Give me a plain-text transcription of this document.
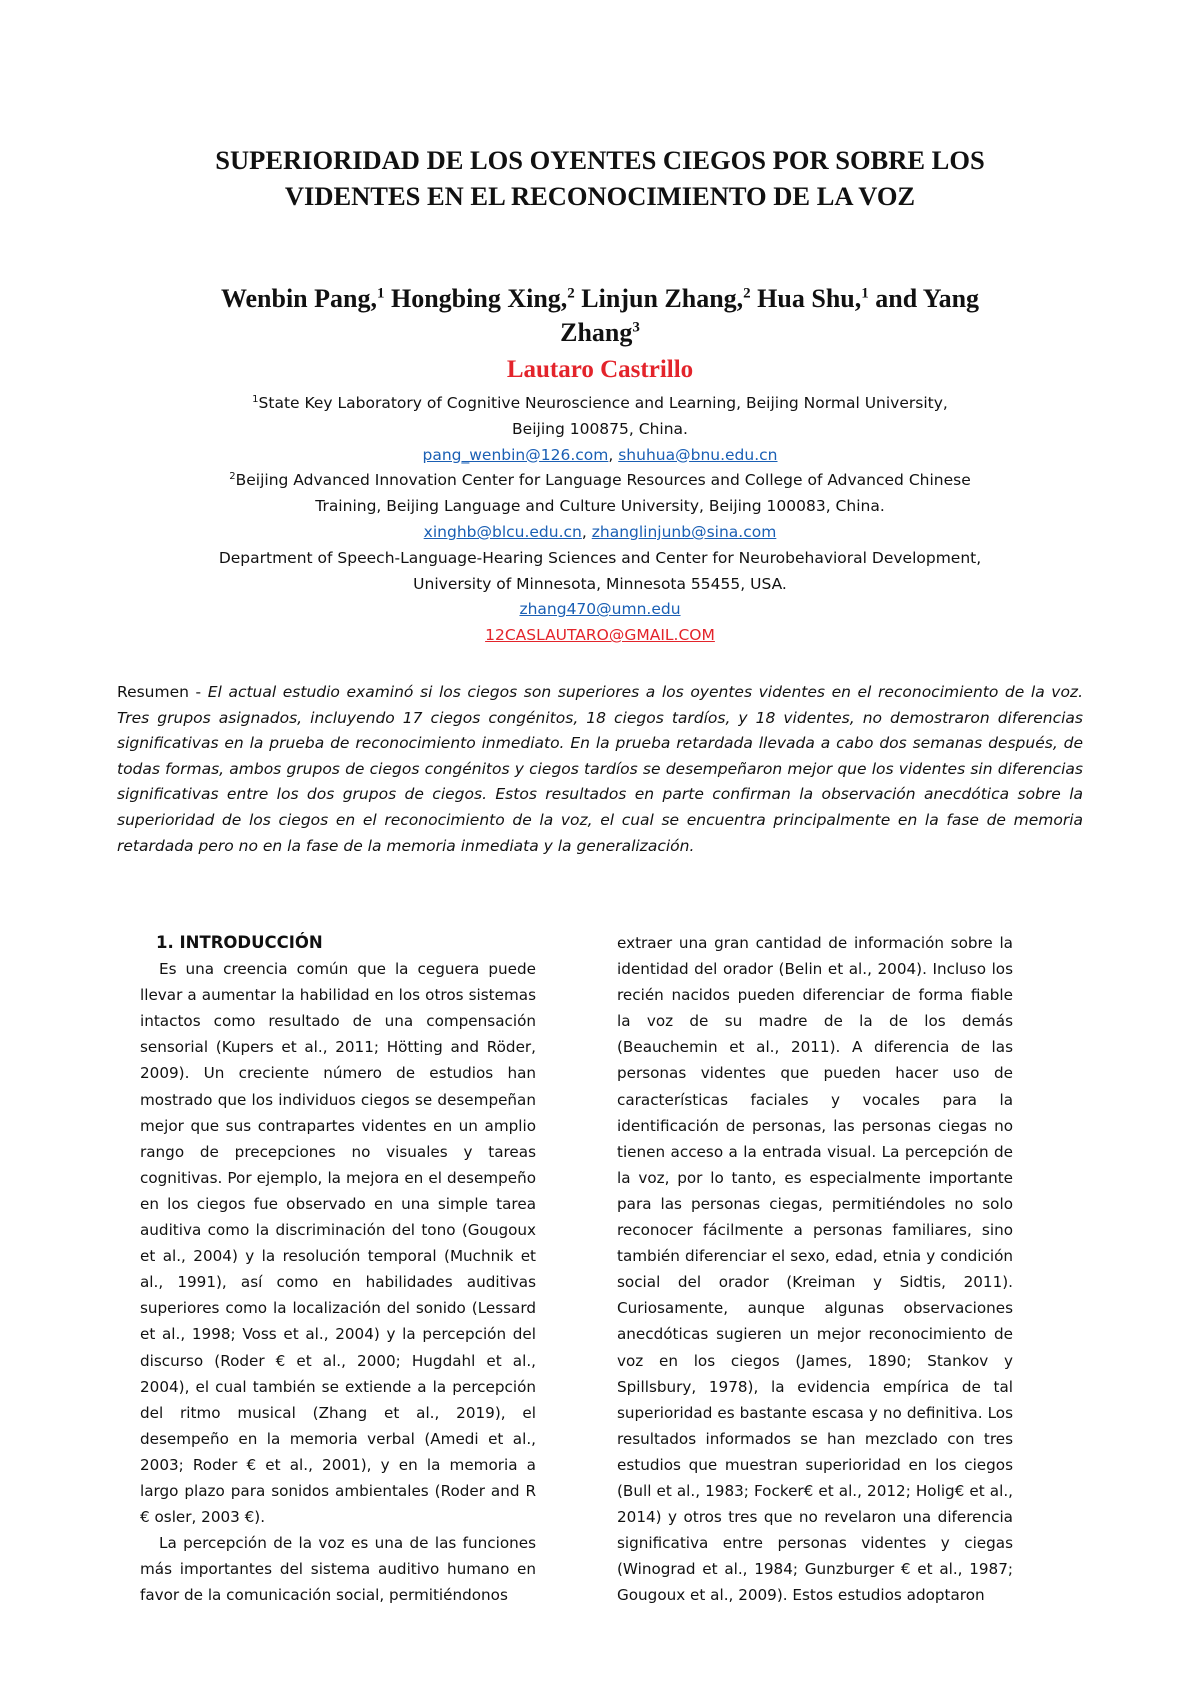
SUPERIORIDAD DE LOS OYENTES CIEGOS POR SOBRE LOS
VIDENTES EN EL RECONOCIMIENTO DE LA VOZ
Wenbin Pang,$^1$ Hongbing Xing,$^2$ Linjun Zhang,$^2$ Hua Shu,$^1$ and Yang
Zhang$^3$
Lautaro Castrillo
$^1$State Key Laboratory of Cognitive Neuroscience and Learning, Beijing Normal University,
Beijing 100875, China.
pang_wenbin@126.com, shuhua@bnu.edu.cn
$^2$Beijing Advanced Innovation Center for Language Resources and College of Advanced Chinese
Training, Beijing Language and Culture University, Beijing 100083, China.
xinghb@blcu.edu.cn, zhanglinjunb@sina.com
Department of Speech-Language-Hearing Sciences and Center for Neurobehavioral Development,
University of Minnesota, Minnesota 55455, USA.
zhang470@umn.edu
12CASLAUTARO@GMAIL.COM
Resumen - El actual estudio examinó si los ciegos son superiores a los oyentes videntes en el reconocimiento de la voz. Tres grupos asignados, incluyendo 17 ciegos congénitos, 18 ciegos tardíos, y 18 videntes, no demostraron diferencias significativas en la prueba de reconocimiento inmediato. En la prueba retardada llevada a cabo dos semanas después, de todas formas, ambos grupos de ciegos congénitos y ciegos tardíos se desempeñaron mejor que los videntes sin diferencias significativas entre los dos grupos de ciegos. Estos resultados en parte confirman la observación anecdótica sobre la superioridad de los ciegos en el reconocimiento de la voz, el cual se encuentra principalmente en la fase de memoria retardada pero no en la fase de la memoria inmediata y la generalización.
1. INTRODUCCIÓN

Es una creencia común que la ceguera puede llevar a aumentar la habilidad en los otros sistemas intactos como resultado de una compensación sensorial (Kupers et al., 2011; Hötting and Röder, 2009). Un creciente número de estudios han mostrado que los individuos ciegos se desempeñan mejor que sus contrapartes videntes en un amplio rango de precepciones no visuales y tareas cognitivas. Por ejemplo, la mejora en el desempeño en los ciegos fue observado en una simple tarea auditiva como la discriminación del tono (Gougoux et al., 2004) y la resolución temporal (Muchnik et al., 1991), así como en habilidades auditivas superiores como la localización del sonido (Lessard et al., 1998; Voss et al., 2004) y la percepción del discurso (Roder € et al., 2000; Hugdahl et al., 2004), el cual también se extiende a la percepción del ritmo musical (Zhang et al., 2019), el desempeño en la memoria verbal (Amedi et al., 2003; Roder € et al., 2001), y en la memoria a largo plazo para sonidos ambientales (Roder and R € osler, 2003 €).

La percepción de la voz es una de las funciones más importantes del sistema auditivo humano en favor de la comunicación social, permitiéndonos

extraer una gran cantidad de información sobre la identidad del orador (Belin et al., 2004). Incluso los recién nacidos pueden diferenciar de forma fiable la voz de su madre de la de los demás (Beauchemin et al., 2011). A diferencia de las personas videntes que pueden hacer uso de características faciales y vocales para la identificación de personas, las personas ciegas no tienen acceso a la entrada visual. La percepción de la voz, por lo tanto, es especialmente importante para las personas ciegas, permitiéndoles no solo reconocer fácilmente a personas familiares, sino también diferenciar el sexo, edad, etnia y condición social del orador (Kreiman y Sidtis, 2011). Curiosamente, aunque algunas observaciones anecdóticas sugieren un mejor reconocimiento de voz en los ciegos (James, 1890; Stankov y Spillsbury, 1978), la evidencia empírica de tal superioridad es bastante escasa y no definitiva. Los resultados informados se han mezclado con tres estudios que muestran superioridad en los ciegos (Bull et al., 1983; Focker€ et al., 2012; Holig€ et al., 2014) y otros tres que no revelaron una diferencia significativa entre personas videntes y ciegas (Winograd et al., 1984; Gunzburger € et al., 1987; Gougoux et al., 2009). Estos estudios adoptaron
